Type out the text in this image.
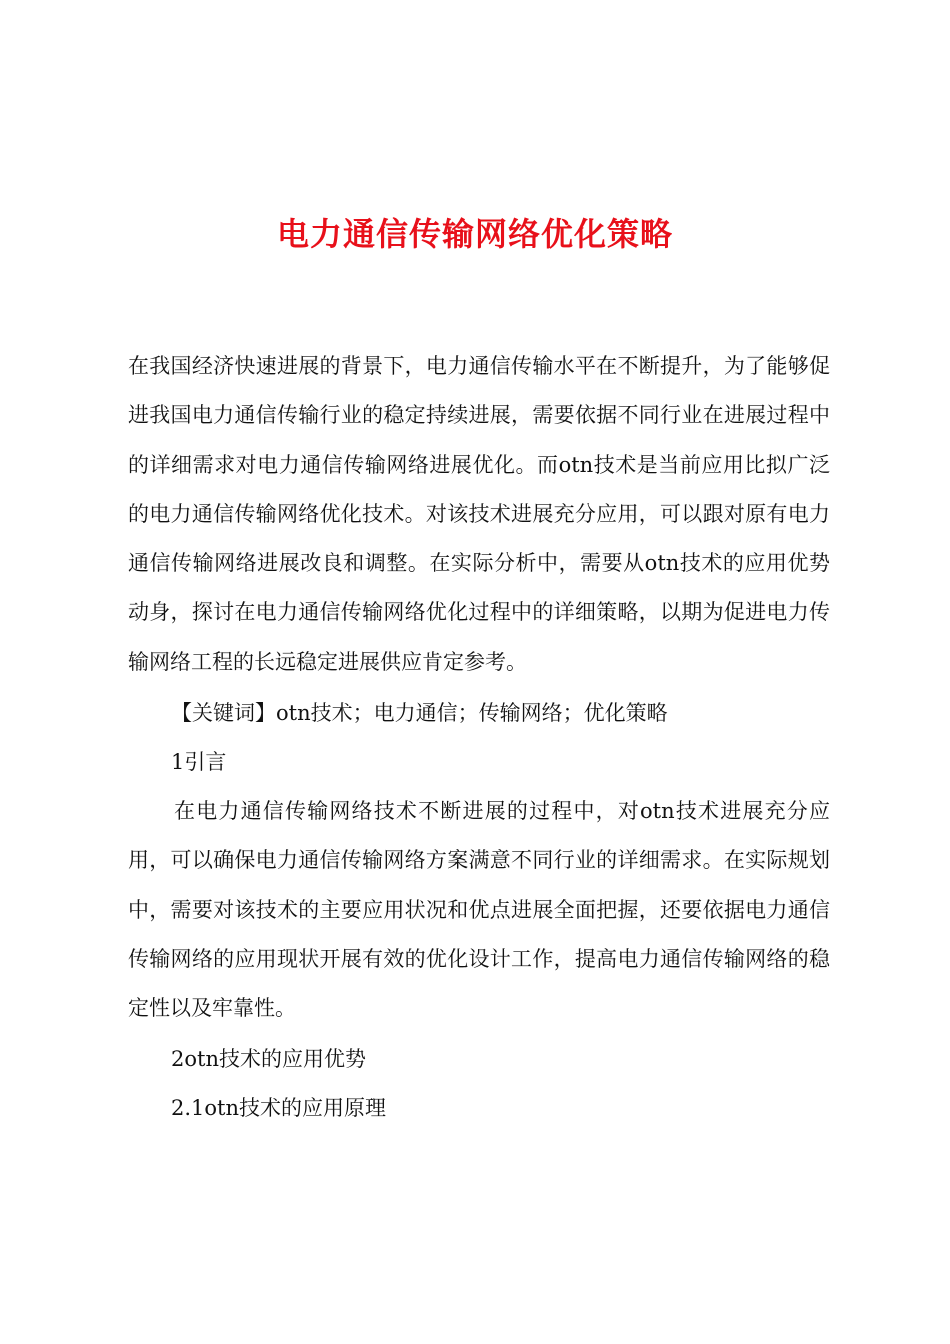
电力通信传输网络优化策略

在我国经济快速进展的背景下，电力通信传输水平在不断提升，为了能够促进我国电力通信传输行业的稳定持续进展，需要依据不同行业在进展过程中的详细需求对电力通信传输网络进展优化。而otn技术是当前应用比拟广泛的电力通信传输网络优化技术。对该技术进展充分应用，可以跟对原有电力通信传输网络进展改良和调整。在实际分析中，需要从otn技术的应用优势动身，探讨在电力通信传输网络优化过程中的详细策略，以期为促进电力传输网络工程的长远稳定进展供应肯定参考。

【关键词】otn技术；电力通信；传输网络；优化策略

1引言

在电力通信传输网络技术不断进展的过程中，对otn技术进展充分应用，可以确保电力通信传输网络方案满意不同行业的详细需求。在实际规划中，需要对该技术的主要应用状况和优点进展全面把握，还要依据电力通信传输网络的应用现状开展有效的优化设计工作，提高电力通信传输网络的稳定性以及牢靠性。

2otn技术的应用优势

2.1otn技术的应用原理
